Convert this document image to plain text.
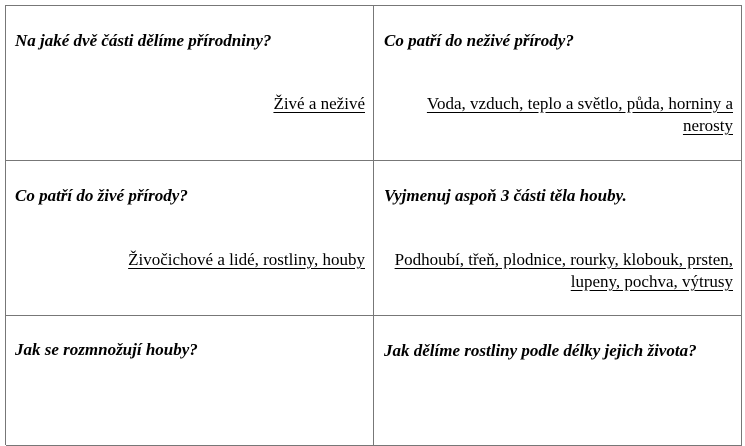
Na jaké dvě části dělíme přírodniny?
Živé a neživé
Co patří do neživé přírody?
Voda, vzduch, teplo a světlo, půda, horniny a nerosty
Co patří do živé přírody?
Živočichové a lidé, rostliny, houby
Vyjmenuj aspoň 3 části těla houby.
Podhoubí, třeň, plodnice, rourky, klobouk, prsten, lupeny, pochva, výtrusy
Jak se rozmnožují houby?	Jak dělíme rostliny podle délky jejich života?
